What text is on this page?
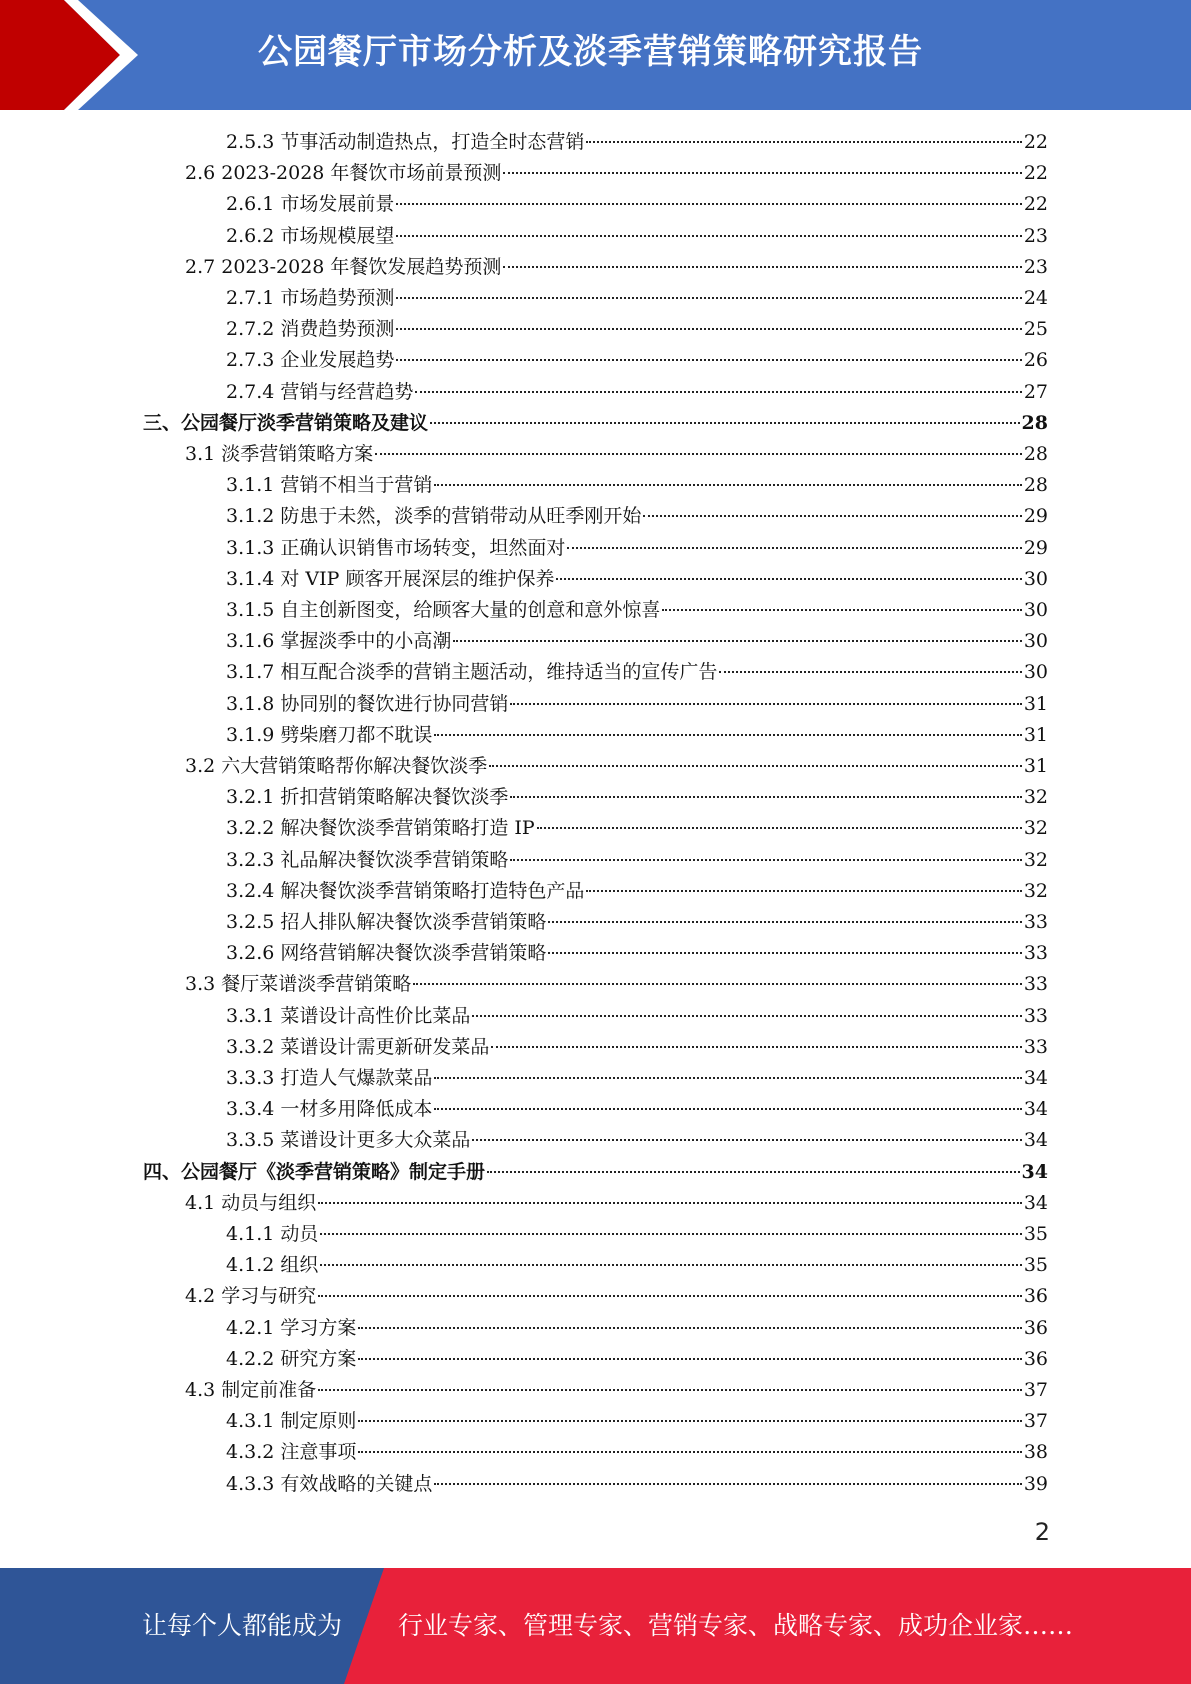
公园餐厅市场分析及淡季营销策略研究报告
2.5.3 节事活动制造热点，打造全时态营销	22
2.6 2023-2028 年餐饮市场前景预测	22
2.6.1 市场发展前景	22
2.6.2 市场规模展望	23
2.7 2023-2028 年餐饮发展趋势预测	23
2.7.1 市场趋势预测	24
2.7.2 消费趋势预测	25
2.7.3 企业发展趋势	26
2.7.4 营销与经营趋势	27
三、公园餐厅淡季营销策略及建议	28
3.1 淡季营销策略方案	28
3.1.1 营销不相当于营销	28
3.1.2 防患于未然，淡季的营销带动从旺季刚开始	29
3.1.3 正确认识销售市场转变，坦然面对	29
3.1.4 对 VIP 顾客开展深层的维护保养	30
3.1.5 自主创新图变，给顾客大量的创意和意外惊喜	30
3.1.6 掌握淡季中的小高潮	30
3.1.7 相互配合淡季的营销主题活动，维持适当的宣传广告	30
3.1.8 协同别的餐饮进行协同营销	31
3.1.9 劈柴磨刀都不耽误	31
3.2 六大营销策略帮你解决餐饮淡季	31
3.2.1 折扣营销策略解决餐饮淡季	32
3.2.2 解决餐饮淡季营销策略打造 IP	32
3.2.3 礼品解决餐饮淡季营销策略	32
3.2.4 解决餐饮淡季营销策略打造特色产品	32
3.2.5 招人排队解决餐饮淡季营销策略	33
3.2.6 网络营销解决餐饮淡季营销策略	33
3.3 餐厅菜谱淡季营销策略	33
3.3.1 菜谱设计高性价比菜品	33
3.3.2 菜谱设计需更新研发菜品	33
3.3.3 打造人气爆款菜品	34
3.3.4 一材多用降低成本	34
3.3.5 菜谱设计更多大众菜品	34
四、公园餐厅《淡季营销策略》制定手册	34
4.1 动员与组织	34
4.1.1 动员	35
4.1.2 组织	35
4.2 学习与研究	36
4.2.1 学习方案	36
4.2.2 研究方案	36
4.3 制定前准备	37
4.3.1 制定原则	37
4.3.2 注意事项	38
4.3.3 有效战略的关键点	39
2
让每个人都能成为 行业专家、管理专家、营销专家、战略专家、成功企业家……
